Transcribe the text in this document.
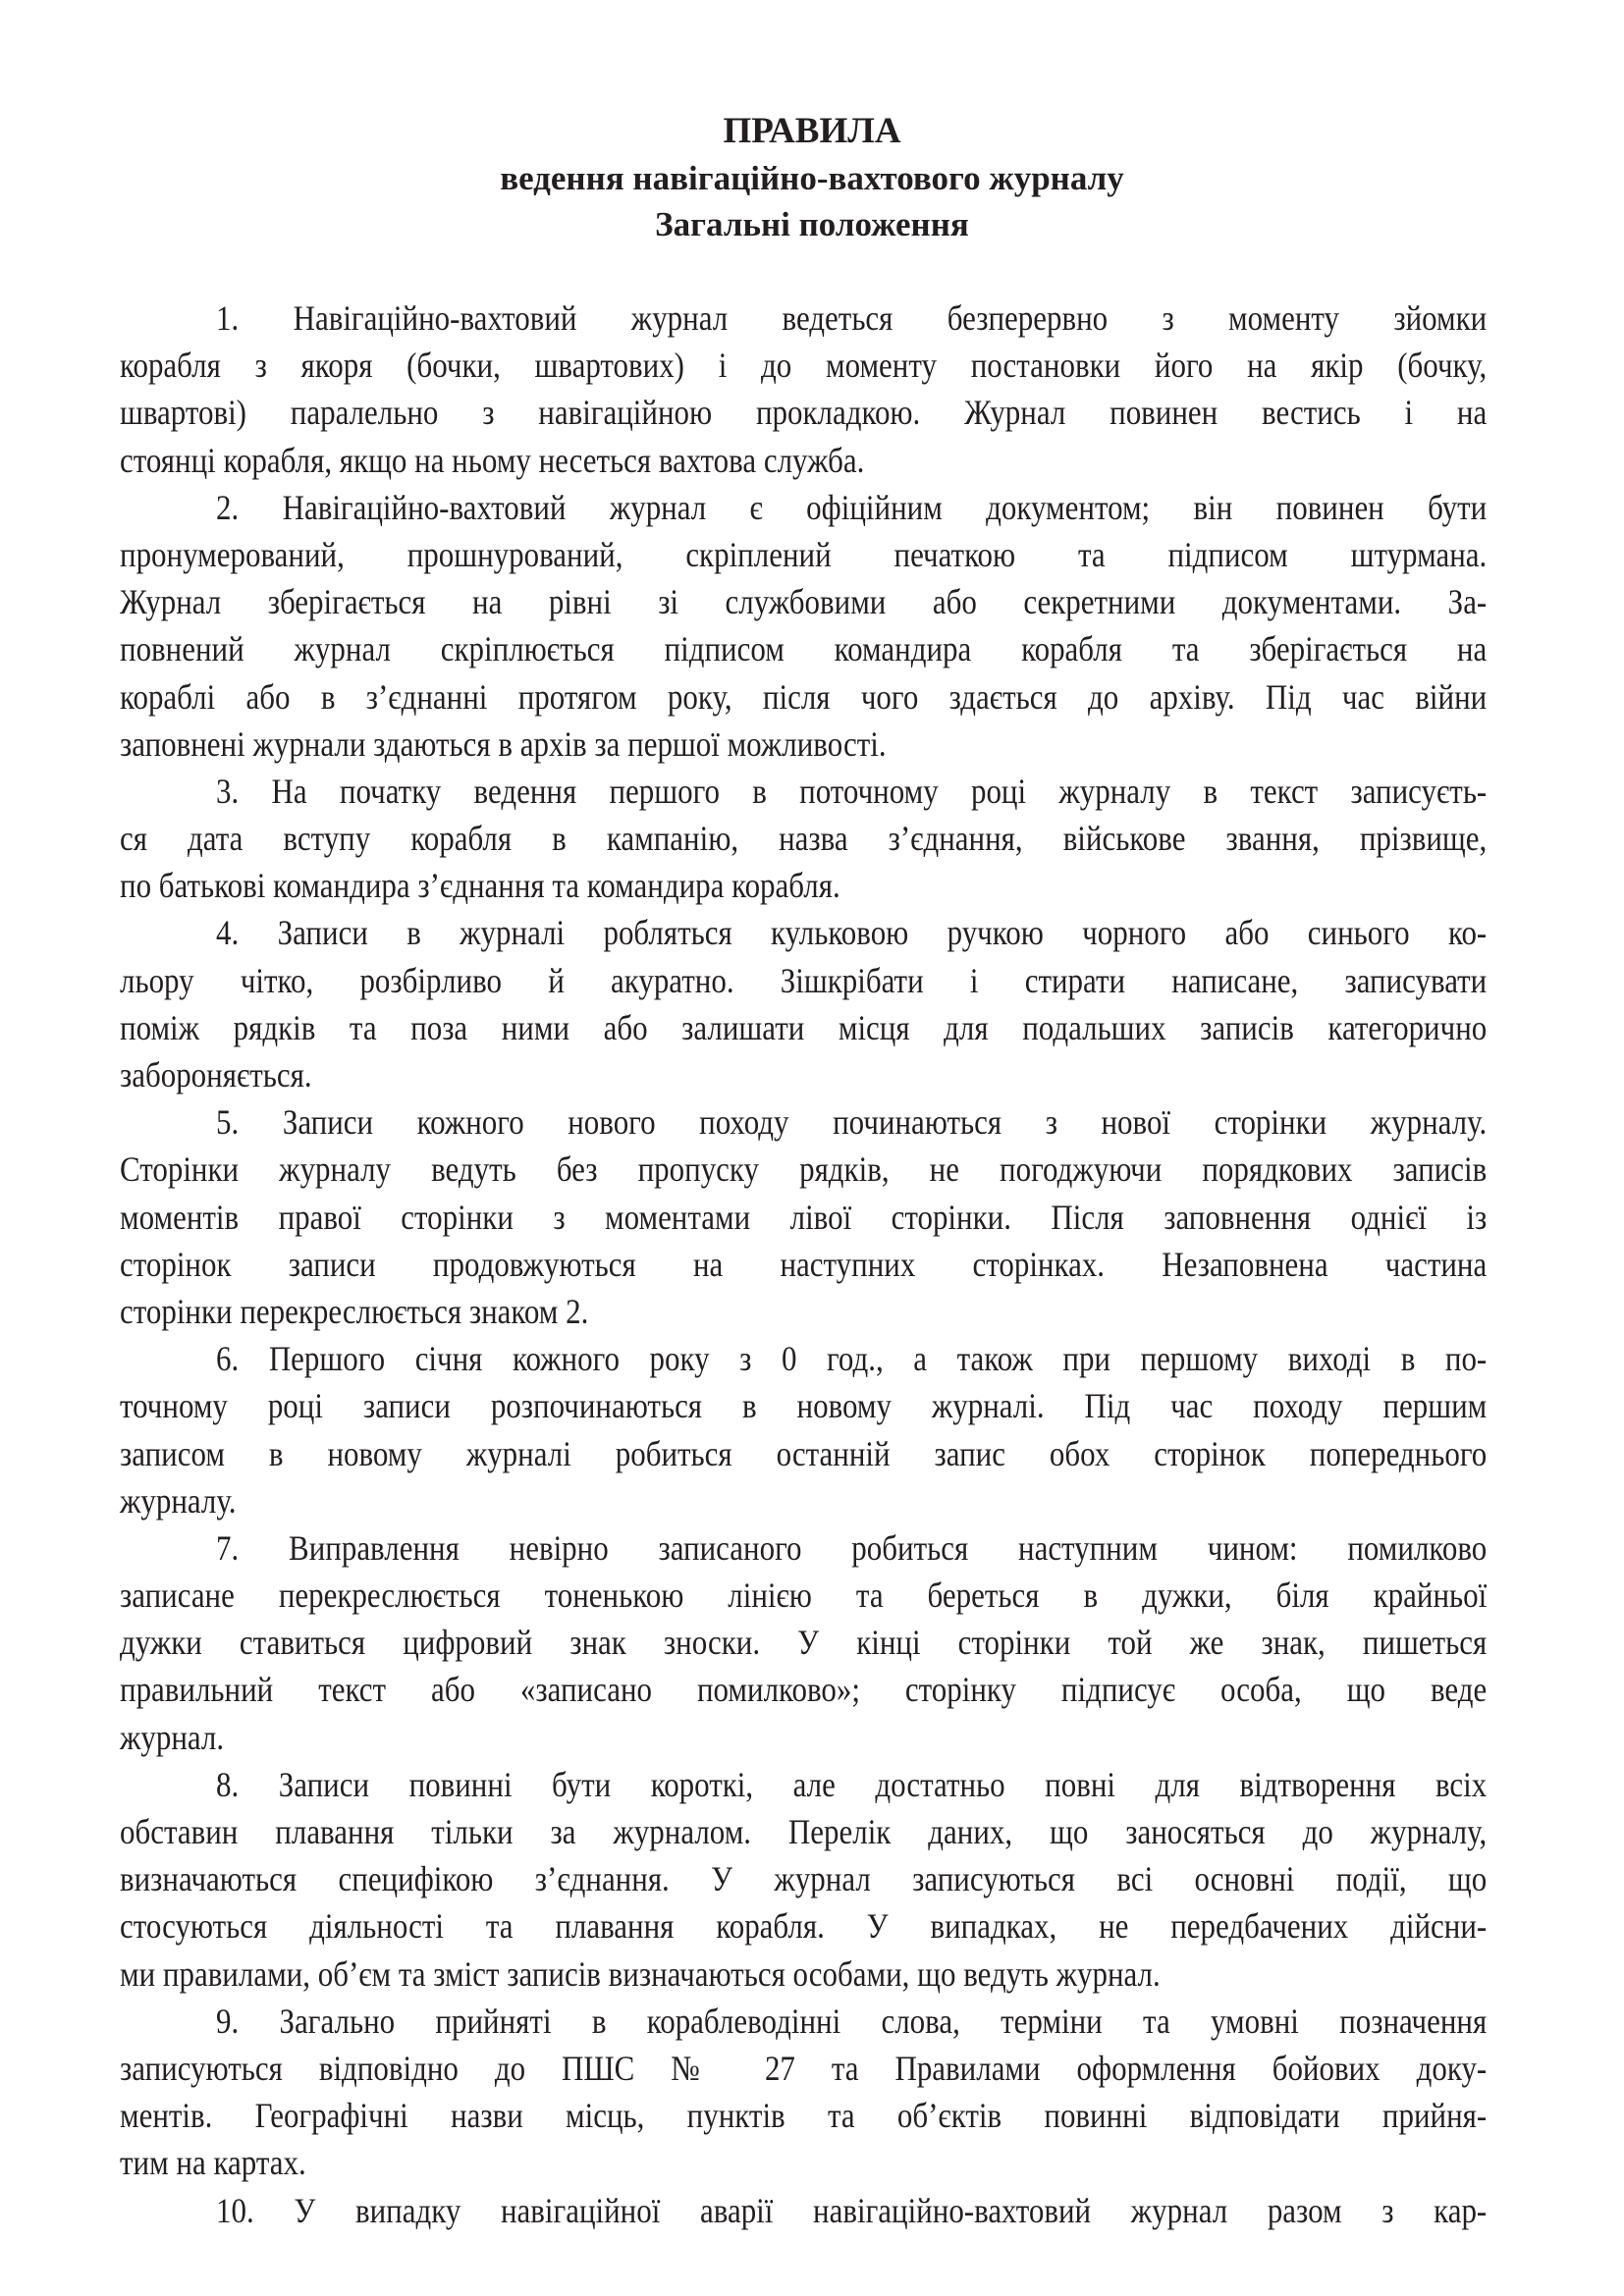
ПРАВИЛА
ведення навігаційно-вахтового журналу
Загальні положення
1. Навігаційно-вахтовий журнал ведеться безперервно з моменту зйомки
корабля з якоря (бочки, швартових) і до моменту постановки його на якір (бочку,
швартові) паралельно з навігаційною прокладкою. Журнал повинен вестись і на
стоянці корабля, якщо на ньому несеться вахтова служба.
2. Навігаційно-вахтовий журнал є офіційним документом; він повинен бути
пронумерований, прошнурований, скріплений печаткою та підписом штурмана.
Журнал зберігається на рівні зі службовими або секретними документами. За-
повнений журнал скріплюється підписом командира корабля та зберігається на
кораблі або в з’єднанні протягом року, після чого здається до архіву. Під час війни
заповнені журнали здаються в архів за першої можливості.
3. На початку ведення першого в поточному році журналу в текст записуєть-
ся дата вступу корабля в кампанію, назва з’єднання, військове звання, прізвище,
по батькові командира з’єднання та командира корабля.
4. Записи в журналі робляться кульковою ручкою чорного або синього ко-
льору чітко, розбірливо й акуратно. Зішкрібати і стирати написане, записувати
поміж рядків та поза ними або залишати місця для подальших записів категорично
забороняється.
5. Записи кожного нового походу починаються з нової сторінки журналу.
Сторінки журналу ведуть без пропуску рядків, не погоджуючи порядкових записів
моментів правої сторінки з моментами лівої сторінки. Після заповнення однієї із
сторінок записи продовжуються на наступних сторінках. Незаповнена частина
сторінки перекреслюється знаком 2.
6. Першого січня кожного року з 0 год., а також при першому виході в по-
точному році записи розпочинаються в новому журналі. Під час походу першим
записом в новому журналі робиться останній запис обох сторінок попереднього
журналу.
7. Виправлення невірно записаного робиться наступним чином: помилково
записане перекреслюється тоненькою лінією та береться в дужки, біля крайньої
дужки ставиться цифровий знак зноски. У кінці сторінки той же знак, пишеться
правильний текст або «записано помилково»; сторінку підписує особа, що веде
журнал.
8. Записи повинні бути короткі, але достатньо повні для відтворення всіх
обставин плавання тільки за журналом. Перелік даних, що заносяться до журналу,
визначаються специфікою з’єднання. У журнал записуються всі основні події, що
стосуються діяльності та плавання корабля. У випадках, не передбачених дійсни-
ми правилами, об’єм та зміст записів визначаються особами, що ведуть журнал.
9. Загально прийняті в кораблеводінні слова, терміни та умовні позначення
записуються відповідно до ПШС № 27 та Правилами оформлення бойових доку-
ментів. Географічні назви місць, пунктів та об’єктів повинні відповідати прийня-
тим на картах.
10. У випадку навігаційної аварії навігаційно-вахтовий журнал разом з кар-
